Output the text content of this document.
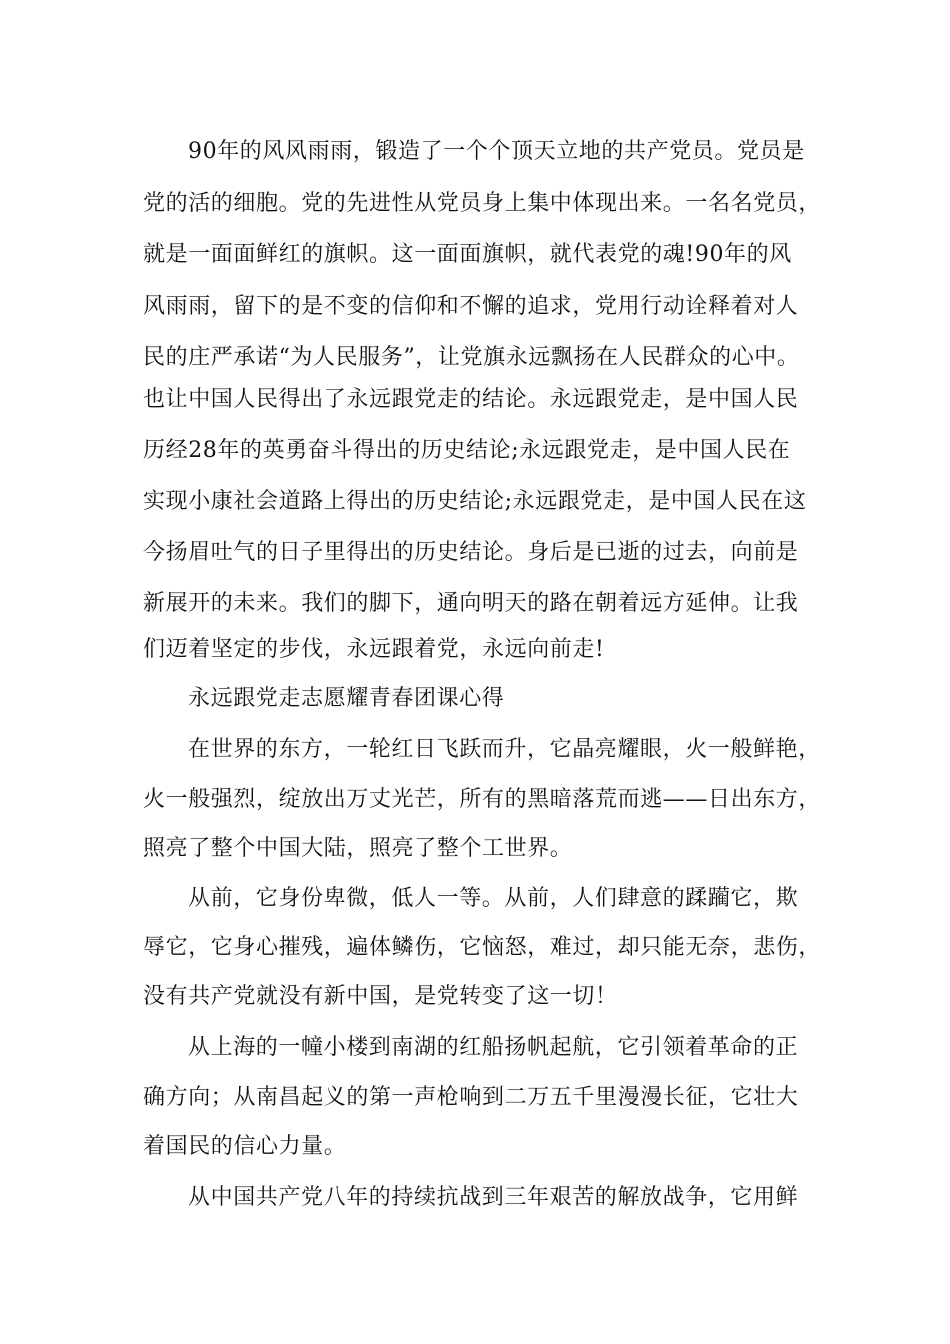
90年的风风雨雨，锻造了一个个顶天立地的共产党员。党员是
党的活的细胞。党的先进性从党员身上集中体现出来。一名名党员，
就是一面面鲜红的旗帜。这一面面旗帜，就代表党的魂!90年的风
风雨雨，留下的是不变的信仰和不懈的追求，党用行动诠释着对人
民的庄严承诺“为人民服务”，让党旗永远飘扬在人民群众的心中。
也让中国人民得出了永远跟党走的结论。永远跟党走，是中国人民
历经28年的英勇奋斗得出的历史结论;永远跟党走，是中国人民在
实现小康社会道路上得出的历史结论;永远跟党走，是中国人民在这
今扬眉吐气的日子里得出的历史结论。身后是已逝的过去，向前是
新展开的未来。我们的脚下，通向明天的路在朝着远方延伸。让我
们迈着坚定的步伐，永远跟着党，永远向前走!
永远跟党走志愿耀青春团课心得
在世界的东方，一轮红日飞跃而升，它晶亮耀眼，火一般鲜艳，
火一般强烈，绽放出万丈光芒，所有的黑暗落荒而逃——日出东方，
照亮了整个中国大陆，照亮了整个工世界。
从前，它身份卑微，低人一等。从前，人们肆意的蹂躏它，欺
辱它，它身心摧残，遍体鳞伤，它恼怒，难过，却只能无奈，悲伤，
没有共产党就没有新中国，是党转变了这一切！
从上海的一幢小楼到南湖的红船扬帆起航，它引领着革命的正
确方向；从南昌起义的第一声枪响到二万五千里漫漫长征，它壮大
着国民的信心力量。
从中国共产党八年的持续抗战到三年艰苦的解放战争，它用鲜
